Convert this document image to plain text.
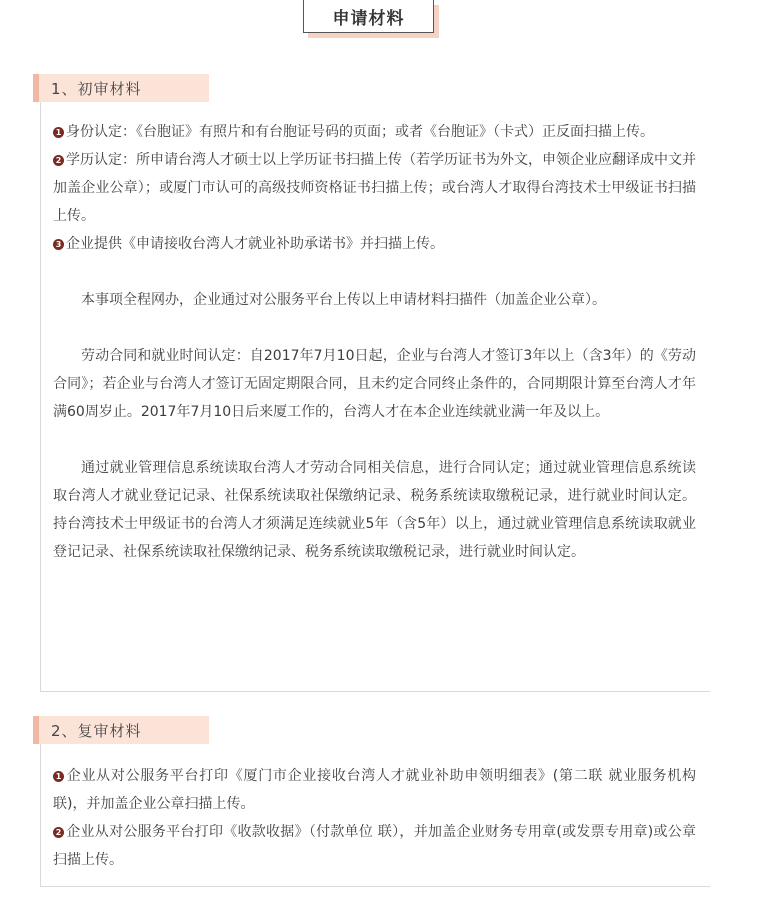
申请材料
1、初审材料

1 身份认定：《台胞证》有照片和有台胞证号码的页面；或者《台胞证》（卡式）正反面扫描上传。

2 学历认定：所申请台湾人才硕士以上学历证书扫描上传（若学历证书为外文，申领企业应翻译成中文并加盖企业公章）；或厦门市认可的高级技师资格证书扫描上传；或台湾人才取得台湾技术士甲级证书扫描上传。

3 企业提供《申请接收台湾人才就业补助承诺书》并扫描上传。

本事项全程网办，企业通过对公服务平台上传以上申请材料扫描件（加盖企业公章）。

劳动合同和就业时间认定：自2017年7月10日起，企业与台湾人才签订3年以上（含3年）的《劳动合同》；若企业与台湾人才签订无固定期限合同，且未约定合同终止条件的，合同期限计算至台湾人才年满60周岁止。2017年7月10日后来厦工作的，台湾人才在本企业连续就业满一年及以上。

通过就业管理信息系统读取台湾人才劳动合同相关信息，进行合同认定；通过就业管理信息系统读取台湾人才就业登记记录、社保系统读取社保缴纳记录、税务系统读取缴税记录，进行就业时间认定。持台湾技术士甲级证书的台湾人才须满足连续就业5年（含5年）以上，通过就业管理信息系统读取就业登记记录、社保系统读取社保缴纳记录、税务系统读取缴税记录，进行就业时间认定。

2、复审材料

1 企业从对公服务平台打印《厦门市企业接收台湾人才就业补助申领明细表》(第二联 就业服务机构联)，并加盖企业公章扫描上传。

2 企业从对公服务平台打印《收款收据》（付款单位 联），并加盖企业财务专用章(或发票专用章)或公章扫描上传。
